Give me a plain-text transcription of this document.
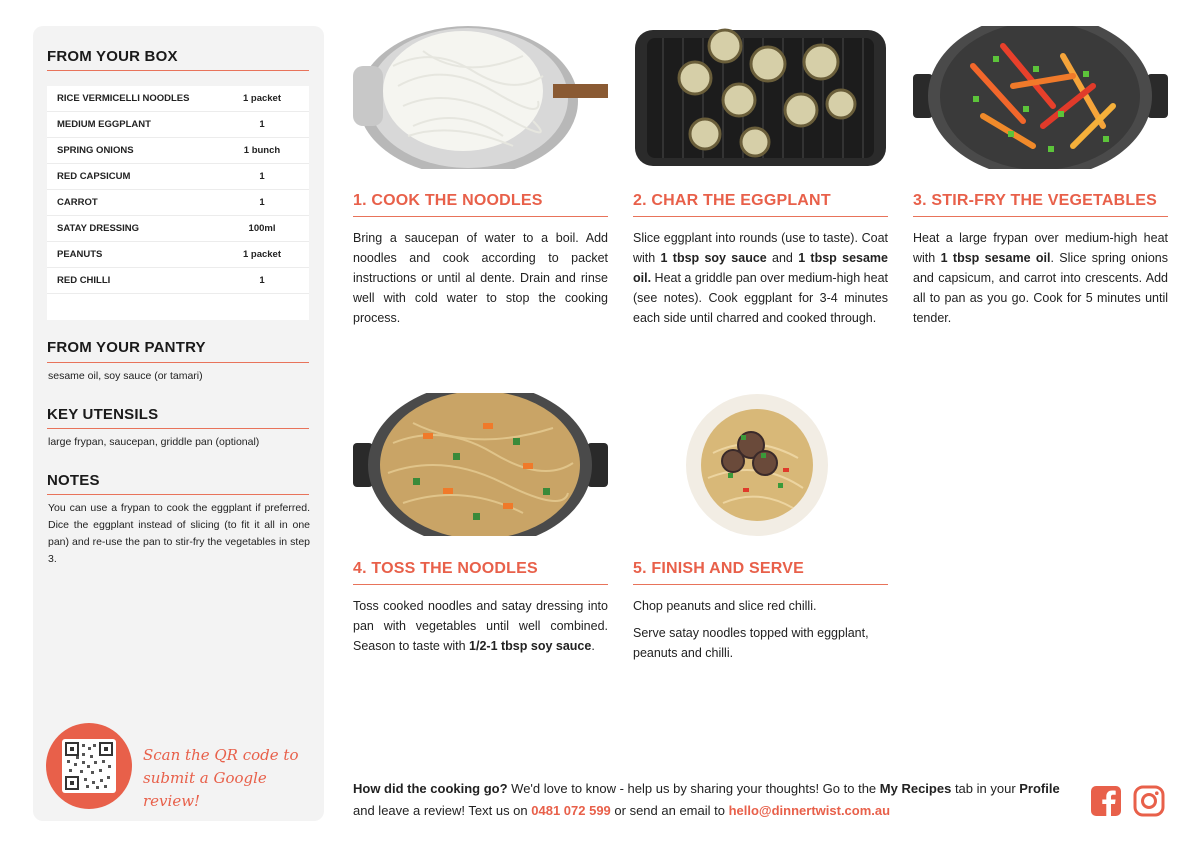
FROM YOUR BOX
RICE VERMICELLI NOODLES	1 packet
MEDIUM EGGPLANT	1
SPRING ONIONS	1 bunch
RED CAPSICUM	1
CARROT	1
SATAY DRESSING	100ml
PEANUTS	1 packet
RED CHILLI	1
FROM YOUR PANTRY
sesame oil, soy sauce (or tamari)
KEY UTENSILS
large frypan, saucepan, griddle pan (optional)
NOTES
You can use a frypan to cook the eggplant if preferred. Dice the eggplant instead of slicing (to fit it all in one pan) and re-use the pan to stir-fry the vegetables in step 3.
Scan the QR code to
submit a Google review!
1. COOK THE NOODLES
Bring a saucepan of water to a boil. Add noodles and cook according to packet instructions or until al dente. Drain and rinse well with cold water to stop the cooking process.
2. CHAR THE EGGPLANT
Slice eggplant into rounds (use to taste). Coat with 1 tbsp soy sauce and 1 tbsp sesame oil. Heat a griddle pan over medium-high heat (see notes). Cook eggplant for 3-4 minutes each side until charred and cooked through.
3. STIR-FRY THE VEGETABLES
Heat a large frypan over medium-high heat with 1 tbsp sesame oil. Slice spring onions and capsicum, and carrot into crescents. Add all to pan as you go. Cook for 5 minutes until tender.
4. TOSS THE NOODLES
Toss cooked noodles and satay dressing into pan with vegetables until well combined. Season to taste with 1/2-1 tbsp soy sauce.
5. FINISH AND SERVE
Chop peanuts and slice red chilli.
Serve satay noodles topped with eggplant, peanuts and chilli.
How did the cooking go? We'd love to know - help us by sharing your thoughts! Go to the My Recipes tab in your Profile and leave a review! Text us on 0481 072 599 or send an email to hello@dinnertwist.com.au
